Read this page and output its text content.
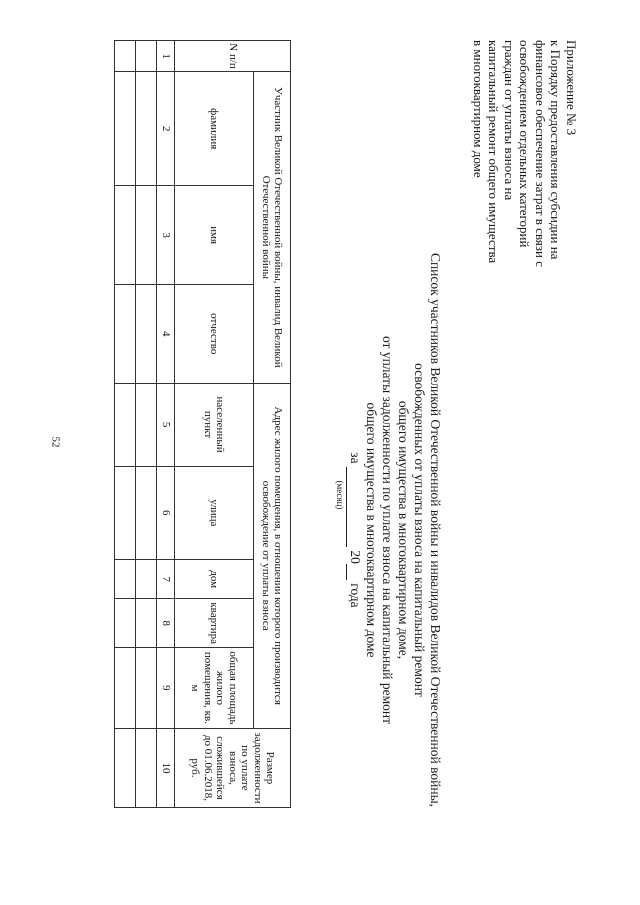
52
Приложение № 3
к Порядку предоставления субсидии на
финансовое обеспечение затрат в связи с
освобождением отдельных категорий
граждан от уплаты взноса на
капитальный ремонт общего имущества
в многоквартирном доме
Список участников Великой Отечественной войны и инвалидов Великой Отечественной войны,
освобожденных от уплаты взноса на капитальный ремонт
общего имущества в многоквартирном доме,
от уплаты задолженности по уплате взноса на капитальный ремонт
общего имущества в многоквартирном доме
за   20  года
(месяц)
N п/п	Участник Великой Отечественной войны, инвалид Великой Отечественной войны			Адрес жилого помещения, в отношении которого производится освобождение от уплаты взноса					Размер задолженности по уплате взноса, сложившейся до 01.06.2018, руб.
	фамилия	имя	отчество	населенный пункт	улица	дом	квартира	общая площадь жилого помещения, кв. м	
1	2	3	4	5	6	7	8	9	10
